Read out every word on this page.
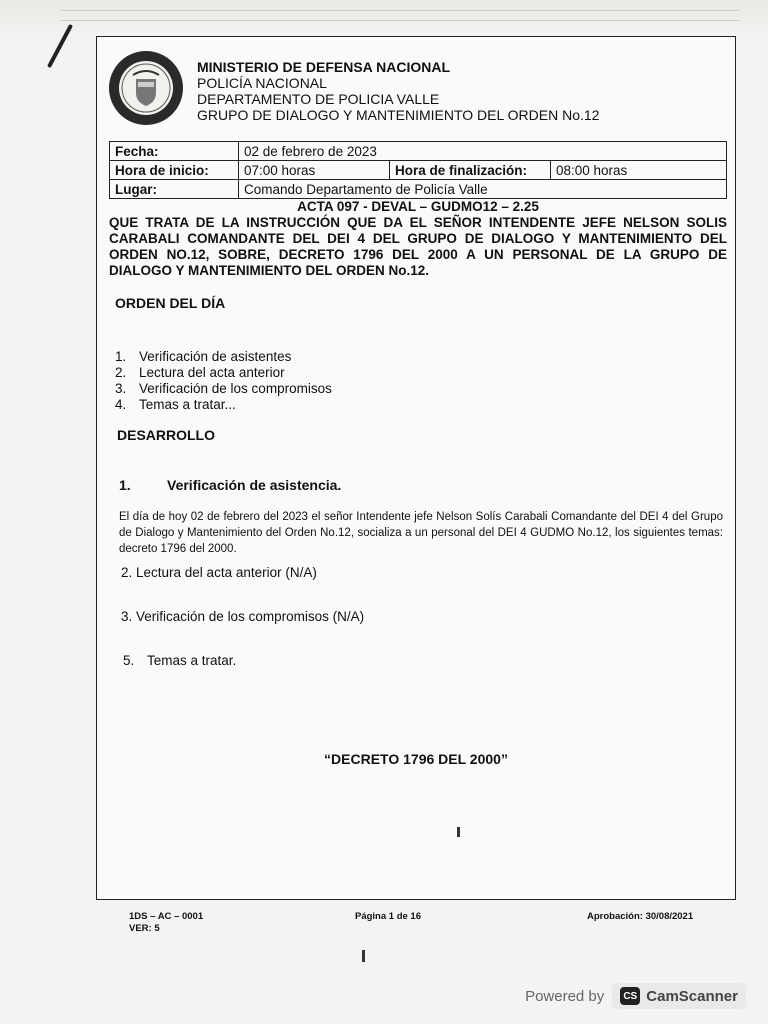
MINISTERIO DE DEFENSA NACIONAL
POLICÍA NACIONAL
DEPARTAMENTO DE POLICIA VALLE
GRUPO DE DIALOGO Y MANTENIMIENTO DEL ORDEN No.12
Fecha:	02 de febrero de 2023		
Hora de inicio:	07:00 horas	Hora de finalización:	08:00 horas
Lugar:	Comando Departamento de Policía Valle		
ACTA 097 - DEVAL – GUDMO12 – 2.25
QUE TRATA DE LA INSTRUCCIÓN QUE DA EL SEÑOR INTENDENTE JEFE NELSON SOLIS CARABALI COMANDANTE DEL DEI 4 DEL GRUPO DE DIALOGO Y MANTENIMIENTO DEL ORDEN NO.12, SOBRE, DECRETO 1796 DEL 2000 A UN PERSONAL DE LA GRUPO DE DIALOGO Y MANTENIMIENTO DEL ORDEN No.12.
ORDEN DEL DÍA
1. Verificación de asistentes
2. Lectura del acta anterior
3. Verificación de los compromisos
4. Temas a tratar...
DESARROLLO
1.	Verificación de asistencia.
El día de hoy 02 de febrero del 2023 el señor Intendente jefe Nelson Solís Carabali Comandante del DEI 4 del Grupo de Dialogo y Mantenimiento del Orden No.12, socializa a un personal del DEI 4 GUDMO No.12, los siguientes temas: decreto 1796 del 2000.
2. Lectura del acta anterior (N/A)
3. Verificación de los compromisos (N/A)
5. Temas a tratar.
“DECRETO 1796 DEL 2000”
1DS – AC – 0001
VER: 5
Página 1 de 16	Aprobación: 30/08/2021
Powered by	CS CamScanner
